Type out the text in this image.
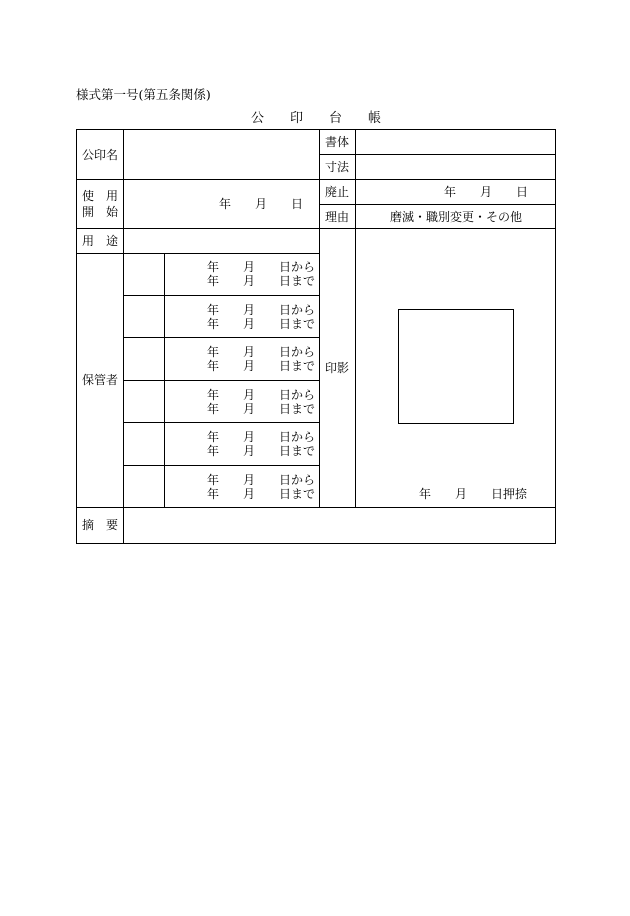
様式第一号(第五条関係)
公　　印　　台　　帳
公印名
書体
寸法
使　用
開　始
年　　月　　日
廃止	年　　月　　日
理由	磨滅・職別変更・その他
用　途
保管者
年　　月　　日から
年　　月　　日まで
年　　月　　日から
年　　月　　日まで
年　　月　　日から
年　　月　　日まで
年　　月　　日から
年　　月　　日まで
年　　月　　日から
年　　月　　日まで
年　　月　　日から
年　　月　　日まで
印影
年　　月　　日押捺
摘　要
